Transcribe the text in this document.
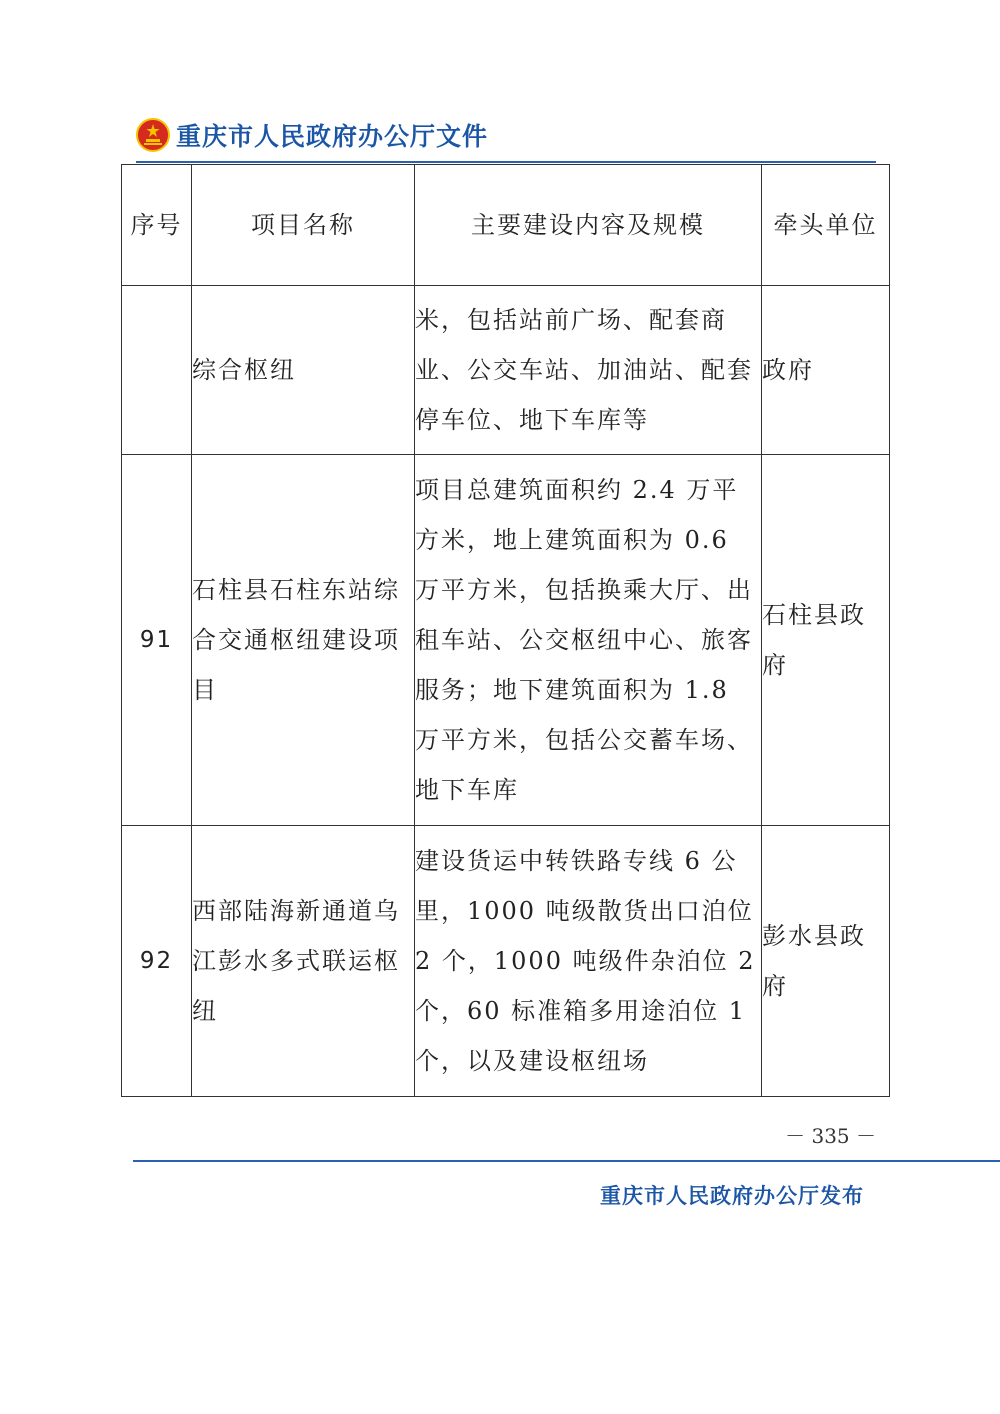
重庆市人民政府办公厅文件
序号	项目名称	主要建设内容及规模	牵头单位
	综合枢纽	米，包括站前广场、配套商业、公交车站、加油站、配套停车位、地下车库等	政府
91	石柱县石柱东站综合交通枢纽建设项目	项目总建筑面积约 2.4 万平方米，地上建筑面积为 0.6 万平方米，包括换乘大厅、出租车站、公交枢纽中心、旅客服务；地下建筑面积为 1.8 万平方米，包括公交蓄车场、地下车库	石柱县政府
92	西部陆海新通道乌江彭水多式联运枢纽	建设货运中转铁路专线 6 公里，1000 吨级散货出口泊位 2 个，1000 吨级件杂泊位 2 个，60 标准箱多用途泊位 1 个，以及建设枢纽场	彭水县政府
－ 335 －
重庆市人民政府办公厅发布
